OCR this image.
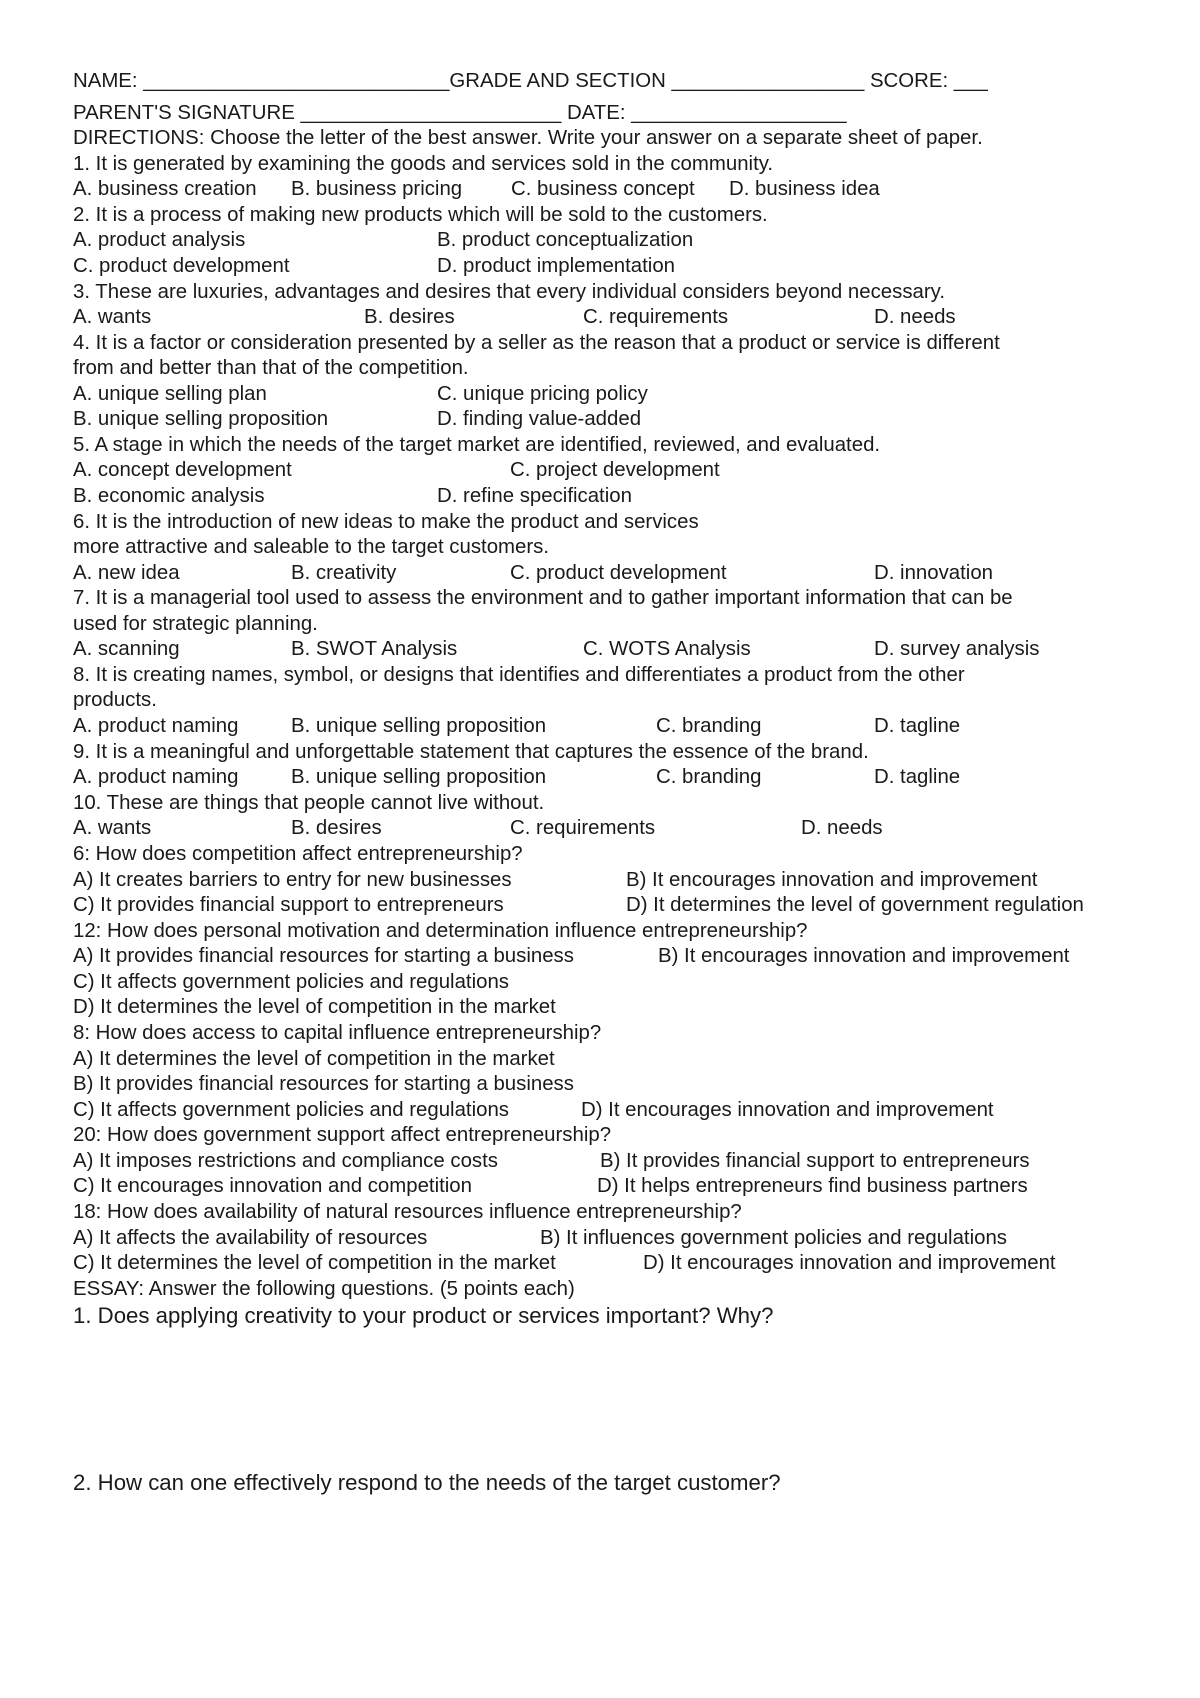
NAME: ___________________________GRADE AND SECTION _________________ SCORE: ___
PARENT'S SIGNATURE _______________________ DATE: ___________________
DIRECTIONS: Choose the letter of the best answer. Write your answer on a separate sheet of paper.
1. It is generated by examining the goods and services sold in the community.
A. business creation B. business pricing C. business concept D. business idea
2. It is a process of making new products which will be sold to the customers.
A. product analysis	B. product conceptualization
C. product development	D. product implementation
3. These are luxuries, advantages and desires that every individual considers beyond necessary.
A. wants	B. desires	C. requirements	D. needs
4. It is a factor or consideration presented by a seller as the reason that a product or service is different
from and better than that of the competition.
A. unique selling plan	C. unique pricing policy
B. unique selling proposition	D. finding value-added
5. A stage in which the needs of the target market are identified, reviewed, and evaluated.
A. concept development	C. project development
B. economic analysis	D. refine specification
6. It is the introduction of new ideas to make the product and services
more attractive and saleable to the target customers.
A. new idea	B. creativity	C. product development	D. innovation
7. It is a managerial tool used to assess the environment and to gather important information that can be
used for strategic planning.
A. scanning	B. SWOT Analysis	C. WOTS Analysis	D. survey analysis
8. It is creating names, symbol, or designs that identifies and differentiates a product from the other
products.
A. product naming	B. unique selling proposition	C. branding	D. tagline
9. It is a meaningful and unforgettable statement that captures the essence of the brand.
A. product naming	B. unique selling proposition	C. branding	D. tagline
10. These are things that people cannot live without.
A. wants	B. desires	C. requirements	D. needs
6: How does competition affect entrepreneurship?
A) It creates barriers to entry for new businesses	B) It encourages innovation and improvement
C) It provides financial support to entrepreneurs	D) It determines the level of government regulation
12: How does personal motivation and determination influence entrepreneurship?
A) It provides financial resources for starting a business	B) It encourages innovation and improvement
C) It affects government policies and regulations
D) It determines the level of competition in the market
8: How does access to capital influence entrepreneurship?
A) It determines the level of competition in the market
B) It provides financial resources for starting a business
C) It affects government policies and regulations	D) It encourages innovation and improvement
20: How does government support affect entrepreneurship?
A) It imposes restrictions and compliance costs	B) It provides financial support to entrepreneurs
C) It encourages innovation and competition	D) It helps entrepreneurs find business partners
18: How does availability of natural resources influence entrepreneurship?
A) It affects the availability of resources	B) It influences government policies and regulations
C) It determines the level of competition in the market	D) It encourages innovation and improvement
ESSAY: Answer the following questions. (5 points each)
1. Does applying creativity to your product or services important? Why?
2. How can one effectively respond to the needs of the target customer?
